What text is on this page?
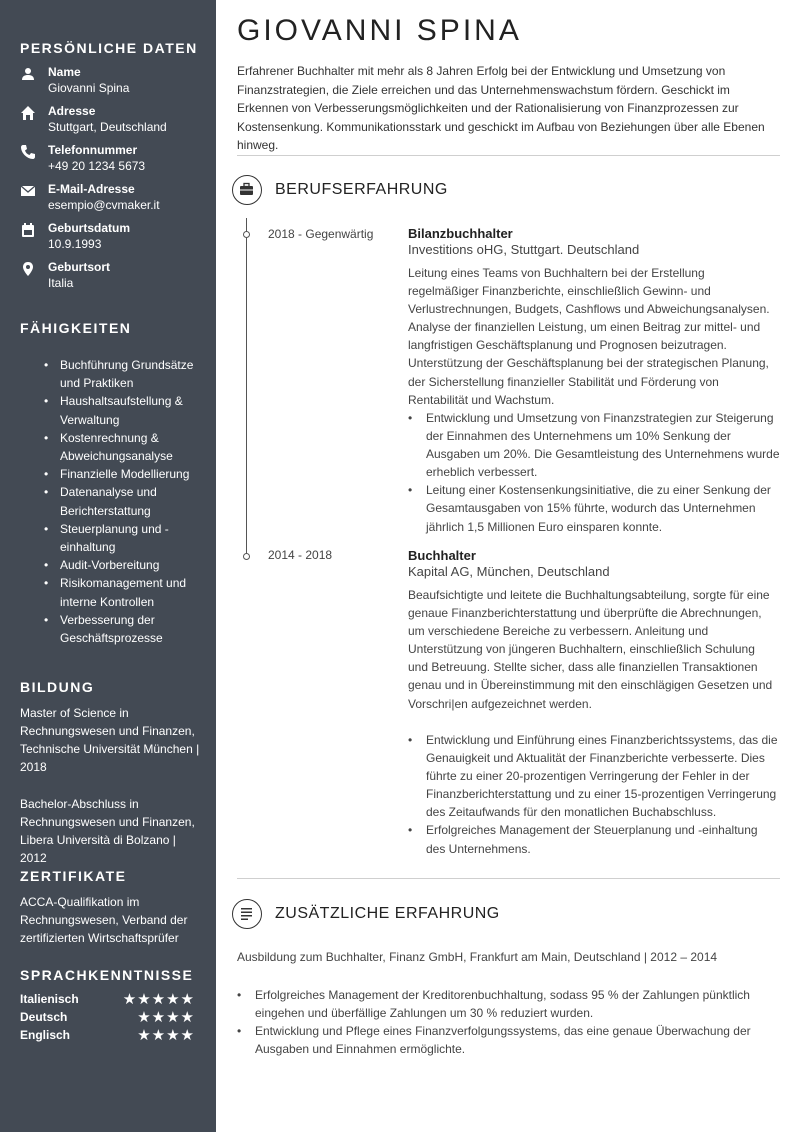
PERSÖNLICHE DATEN
Name
Giovanni Spina
Adresse
Stuttgart, Deutschland
Telefonnummer
+49 20 1234 5673
E-Mail-Adresse
esempio@cvmaker.it
Geburtsdatum
10.9.1993
Geburtsort
Italia
FÄHIGKEITEN
• Buchführung Grundsätze und Praktiken
• Haushaltsaufstellung & Verwaltung
• Kostenrechnung & Abweichungsanalyse
• Finanzielle Modellierung
• Datenanalyse und Berichterstattung
• Steuerplanung und -einhaltung
• Audit-Vorbereitung
• Risikomanagement und interne Kontrollen
• Verbesserung der Geschäftsprozesse
BILDUNG
Master of Science in Rechnungswesen und Finanzen, Technische Universität München | 2018
Bachelor-Abschluss in Rechnungswesen und Finanzen, Libera Università di Bolzano | 2012
ZERTIFIKATE
ACCA-Qualifikation im Rechnungswesen, Verband der zertifizierten Wirtschaftsprüfer
SPRACHKENNTNISSE
Italienisch	★★★★★
Deutsch	★★★★
Englisch	★★★★
GIOVANNI SPINA
Erfahrener Buchhalter mit mehr als 8 Jahren Erfolg bei der Entwicklung und Umsetzung von Finanzstrategien, die Ziele erreichen und das Unternehmenswachstum fördern. Geschickt im Erkennen von Verbesserungsmöglichkeiten und der Rationalisierung von Finanzprozessen zur Kostensenkung. Kommunikationsstark und geschickt im Aufbau von Beziehungen über alle Ebenen hinweg.
BERUFSERFAHRUNG
2018 - Gegenwärtig	Bilanzbuchhalter
Investitions oHG, Stuttgart. Deutschland
Leitung eines Teams von Buchhaltern bei der Erstellung regelmäßiger Finanzberichte, einschließlich Gewinn- und Verlustrechnungen, Budgets, Cashflows und Abweichungsanalysen. Analyse der finanziellen Leistung, um einen Beitrag zur mittel- und langfristigen Geschäftsplanung und Prognosen beizutragen. Unterstützung der Geschäftsplanung bei der strategischen Planung, der Sicherstellung finanzieller Stabilität und Förderung von Rentabilität und Wachstum.
• Entwicklung und Umsetzung von Finanzstrategien zur Steigerung der Einnahmen des Unternehmens um 10% Senkung der Ausgaben um 20%. Die Gesamtleistung des Unternehmens wurde erheblich verbessert.
• Leitung einer Kostensenkungsinitiative, die zu einer Senkung der Gesamtausgaben von 15% führte, wodurch das Unternehmen jährlich 1,5 Millionen Euro einsparen konnte.
2014 - 2018	Buchhalter
Kapital AG, München, Deutschland
Beaufsichtigte und leitete die Buchhaltungsabteilung, sorgte für eine genaue Finanzberichterstattung und überprüfte die Abrechnungen, um verschiedene Bereiche zu verbessern. Anleitung und Unterstützung von jüngeren Buchhaltern, einschließlich Schulung und Betreuung. Stellte sicher, dass alle finanziellen Transaktionen genau und in Übereinstimmung mit den einschlägigen Gesetzen und Vorschri|en aufgezeichnet werden.
• Entwicklung und Einführung eines Finanzberichtssystems, das die Genauigkeit und Aktualität der Finanzberichte verbesserte. Dies führte zu einer 20-prozentigen Verringerung der Fehler in der Finanzberichterstattung und zu einer 15-prozentigen Verringerung des Zeitaufwands für den monatlichen Buchabschluss.
• Erfolgreiches Management der Steuerplanung und -einhaltung des Unternehmens.
ZUSÄTZLICHE ERFAHRUNG
Ausbildung zum Buchhalter, Finanz GmbH, Frankfurt am Main, Deutschland | 2012 – 2014
• Erfolgreiches Management der Kreditorenbuchhaltung, sodass 95 % der Zahlungen pünktlich eingehen und überfällige Zahlungen um 30 % reduziert wurden.
• Entwicklung und Pflege eines Finanzverfolgungssystems, das eine genaue Überwachung der Ausgaben und Einnahmen ermöglichte.
